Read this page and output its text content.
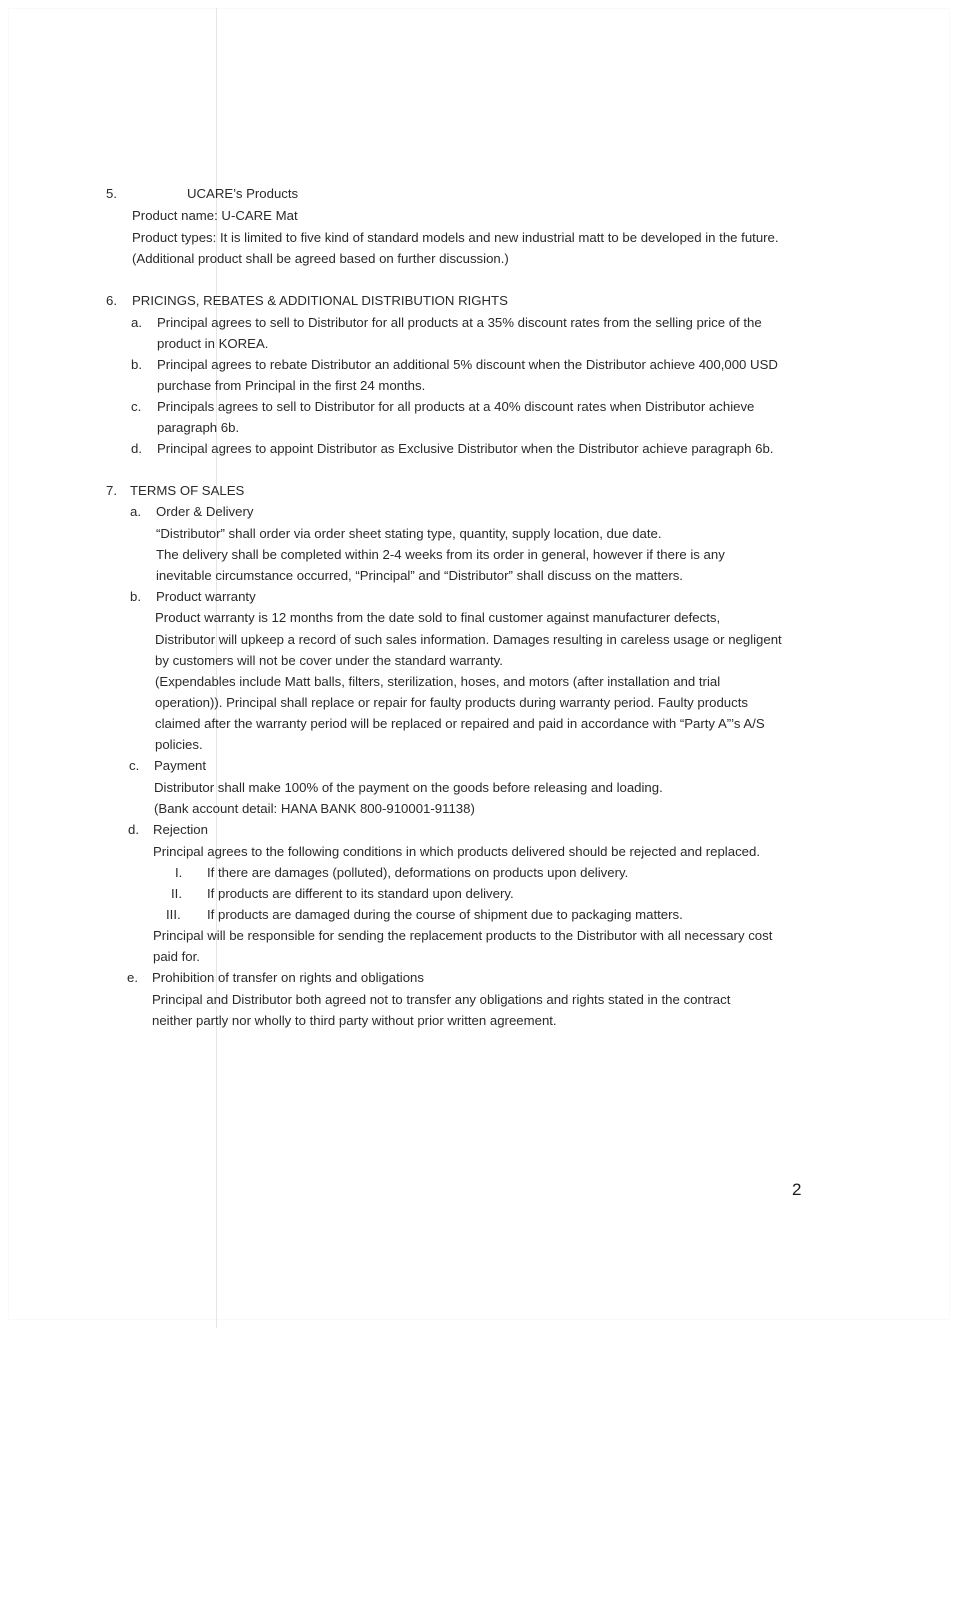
5.	UCARE’s Products
Product name: U-CARE Mat
Product types: It is limited to five kind of standard models and new industrial matt to be developed in the future.
(Additional product shall be agreed based on further discussion.)
6. PRICINGS, REBATES & ADDITIONAL DISTRIBUTION RIGHTS
a. Principal agrees to sell to Distributor for all products at a 35% discount rates from the selling price of the
product in KOREA.
b. Principal agrees to rebate Distributor an additional 5% discount when the Distributor achieve 400,000 USD
purchase from Principal in the first 24 months.
c. Principals agrees to sell to Distributor for all products at a 40% discount rates when Distributor achieve
paragraph 6b.
d. Principal agrees to appoint Distributor as Exclusive Distributor when the Distributor achieve paragraph 6b.
7. TERMS OF SALES
a. Order & Delivery
“Distributor” shall order via order sheet stating type, quantity, supply location, due date.
The delivery shall be completed within 2-4 weeks from its order in general, however if there is any
inevitable circumstance occurred, “Principal” and “Distributor” shall discuss on the matters.
b. Product warranty
Product warranty is 12 months from the date sold to final customer against manufacturer defects,
Distributor will upkeep a record of such sales information. Damages resulting in careless usage or negligent
by customers will not be cover under the standard warranty.
(Expendables include Matt balls, filters, sterilization, hoses, and motors (after installation and trial
operation)). Principal shall replace or repair for faulty products during warranty period. Faulty products
claimed after the warranty period will be replaced or repaired and paid in accordance with “Party A”’s A/S
policies.
c. Payment
Distributor shall make 100% of the payment on the goods before releasing and loading.
(Bank account detail: HANA BANK 800-910001-91138)
d. Rejection
Principal agrees to the following conditions in which products delivered should be rejected and replaced.
I. If there are damages (polluted), deformations on products upon delivery.
II. If products are different to its standard upon delivery.
III. If products are damaged during the course of shipment due to packaging matters.
Principal will be responsible for sending the replacement products to the Distributor with all necessary cost
paid for.
e. Prohibition of transfer on rights and obligations
Principal and Distributor both agreed not to transfer any obligations and rights stated in the contract
neither partly nor wholly to third party without prior written agreement.
2
